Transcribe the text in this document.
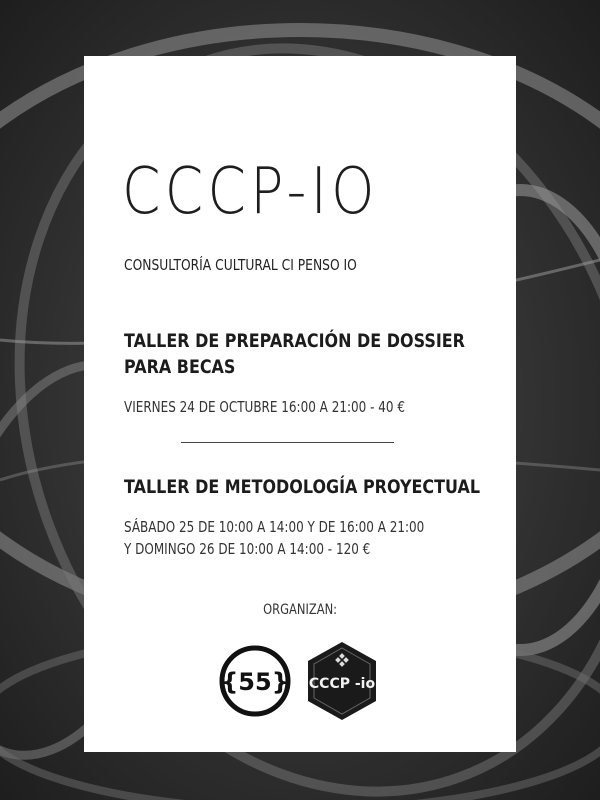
CCCP-IO
CONSULTORÍA CULTURAL CI PENSO IO
TALLER DE PREPARACIÓN DE DOSSIER
PARA BECAS
VIERNES 24 DE OCTUBRE 16:00 A 21:00 - 40 €
TALLER DE METODOLOGÍA PROYECTUAL
SÁBADO 25 DE 10:00 A 14:00 Y DE 16:00 A 21:00
Y DOMINGO 26 DE 10:00 A 14:00 - 120 €
ORGANIZAN:
{55} CCCP -io
